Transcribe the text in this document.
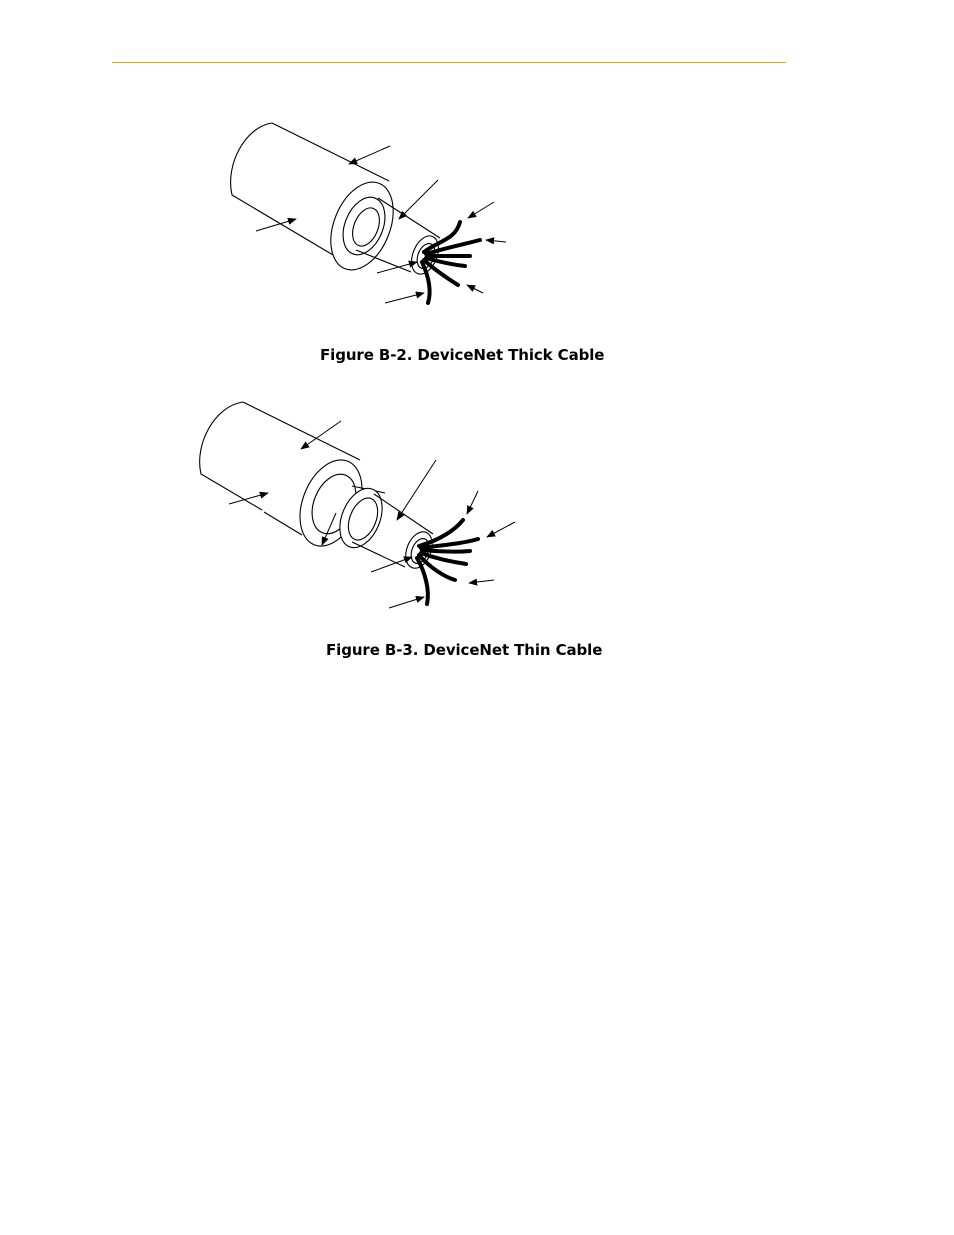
Figure B-2. DeviceNet Thick Cable
Figure B-3. DeviceNet Thin Cable
